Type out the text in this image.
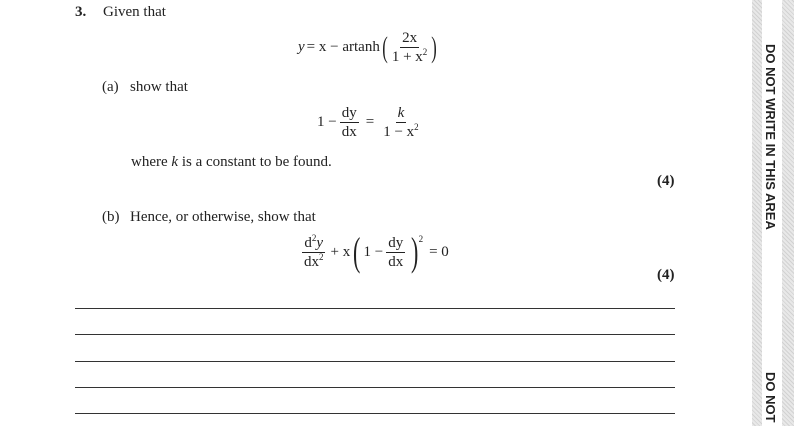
3. Given that
y = x − artanh ( $\frac{2x}{1 + x^2}$ )
(a) show that
$1 - \frac{dy}{dx} = \frac{k}{1 - x^2}$
where k is a constant to be found.
(4)
(b) Hence, or otherwise, show that
$\frac{d^2y}{dx^2} + x$ ( $1 - \frac{dy}{dx}$ ) 2
= 0
(4)
DO NOT WRITE IN THIS AREA
DO NOT
